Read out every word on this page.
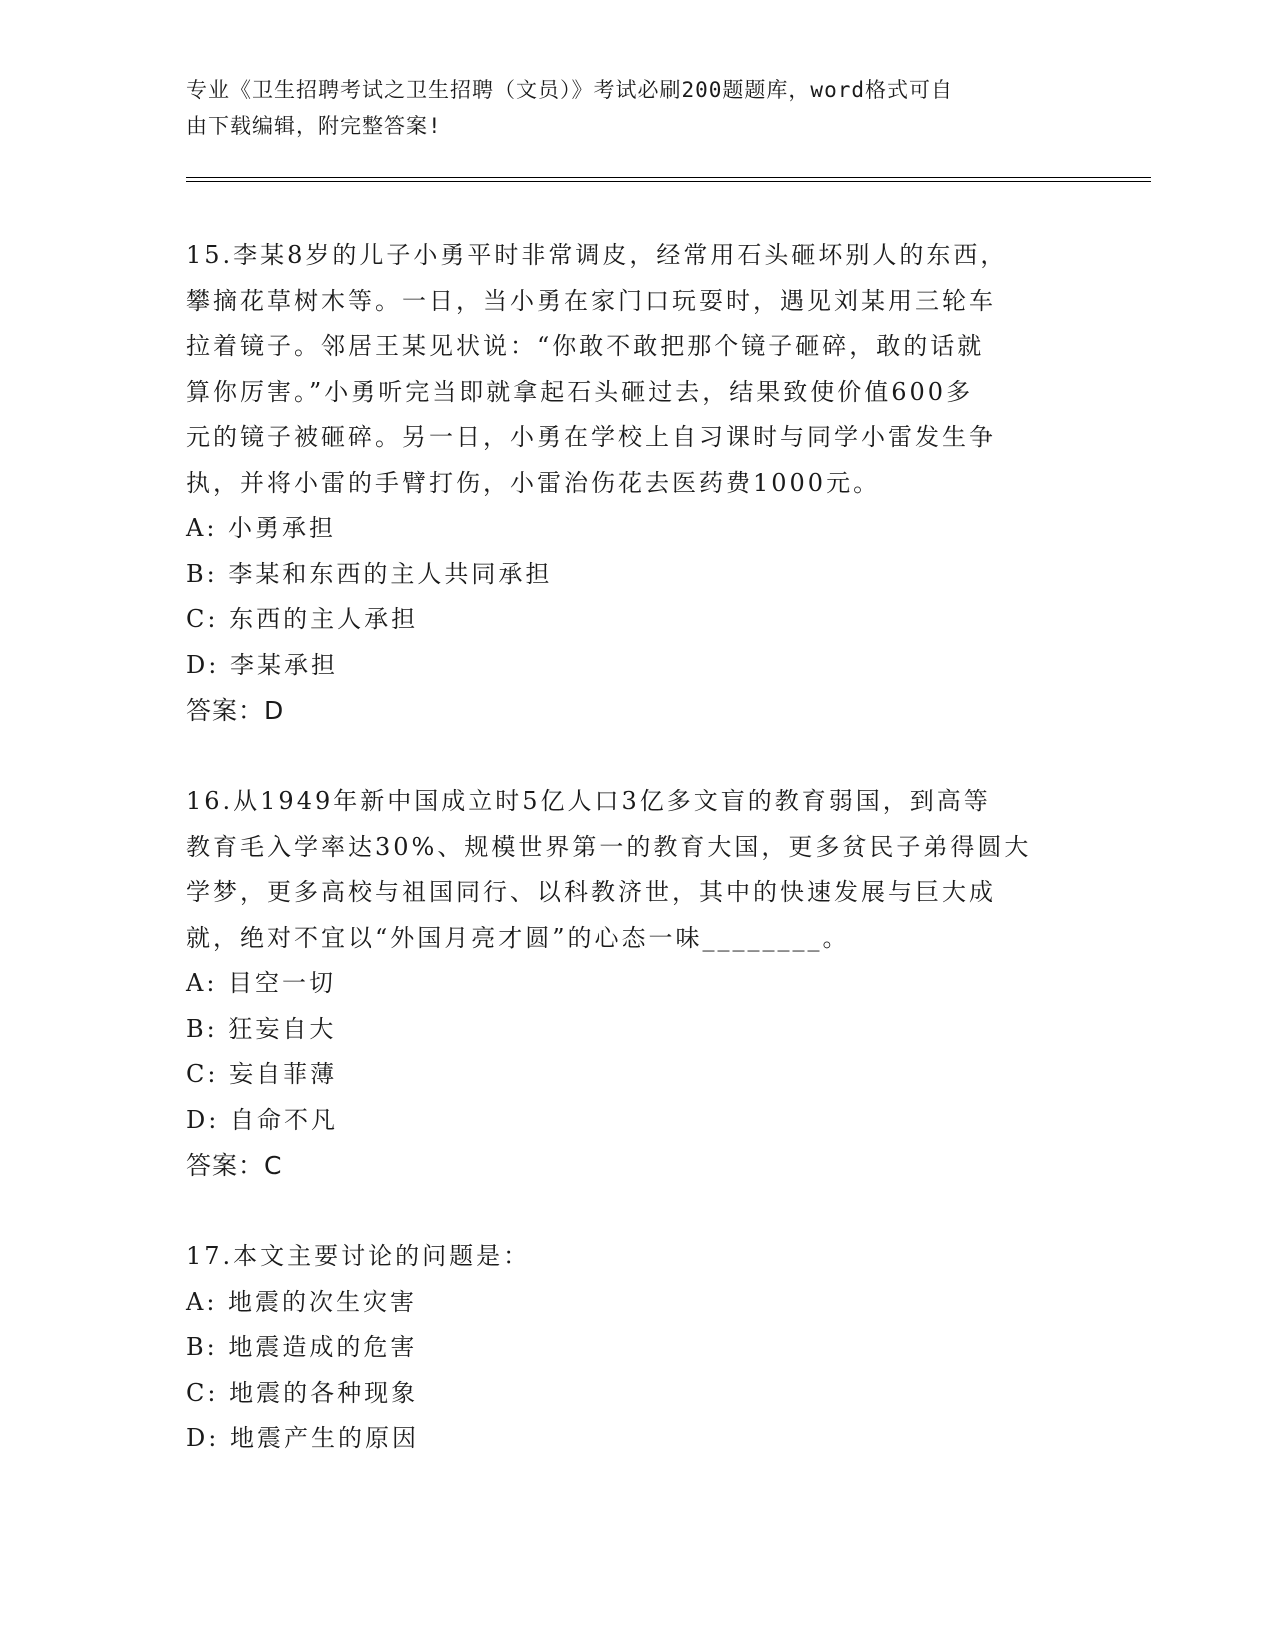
专业《卫生招聘考试之卫生招聘（文员）》考试必刷200题题库，word格式可自
由下载编辑，附完整答案!
15.李某8岁的儿子小勇平时非常调皮，经常用石头砸坏别人的东西，
攀摘花草树木等。一日，当小勇在家门口玩耍时，遇见刘某用三轮车
拉着镜子。邻居王某见状说：“你敢不敢把那个镜子砸碎，敢的话就
算你厉害。”小勇听完当即就拿起石头砸过去，结果致使价值600多
元的镜子被砸碎。另一日，小勇在学校上自习课时与同学小雷发生争
执，并将小雷的手臂打伤，小雷治伤花去医药费1000元。
A: 小勇承担
B: 李某和东西的主人共同承担
C: 东西的主人承担
D: 李某承担
答案：D
16.从1949年新中国成立时5亿人口3亿多文盲的教育弱国，到高等
教育毛入学率达30%、规模世界第一的教育大国，更多贫民子弟得圆大
学梦，更多高校与祖国同行、以科教济世，其中的快速发展与巨大成
就，绝对不宜以“外国月亮才圆”的心态一味________。
A: 目空一切
B: 狂妄自大
C: 妄自菲薄
D: 自命不凡
答案：C
17.本文主要讨论的问题是：
A: 地震的次生灾害
B: 地震造成的危害
C: 地震的各种现象
D: 地震产生的原因
